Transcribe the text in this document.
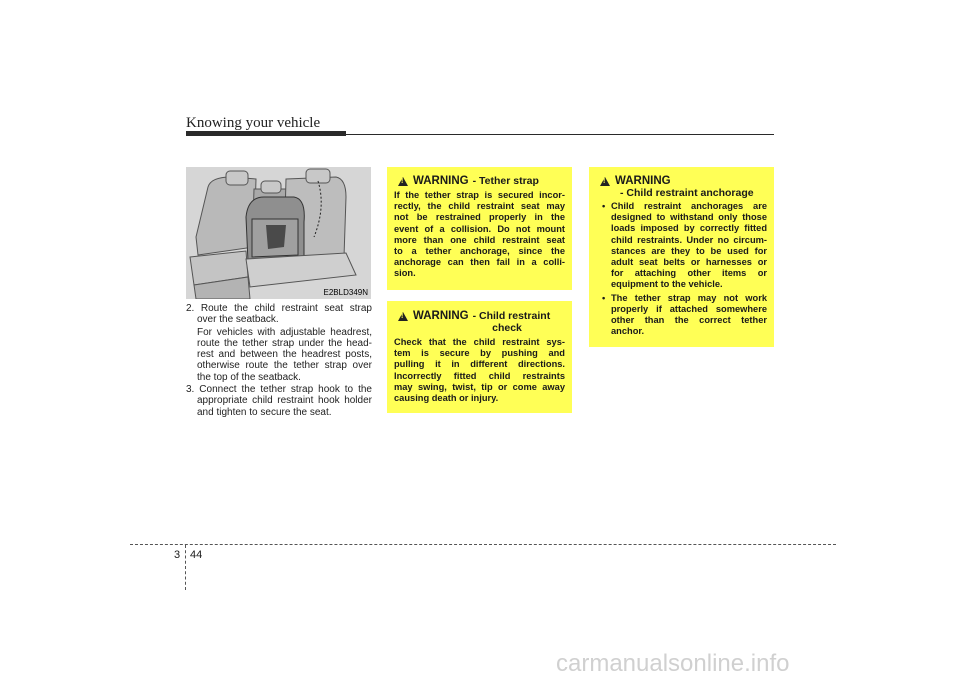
Knowing your vehicle
E2BLD349N
2. Route the child restraint seat strap
over the seatback.
For vehicles with adjustable headrest,
route the tether strap under the head-
rest and between the headrest posts,
otherwise route the tether strap over
the top of the seatback.
3. Connect the tether strap hook to the
appropriate child restraint hook holder
and tighten to secure the seat.
!
WARNING - Tether strap
If the tether strap is secured incor-
rectly, the child restraint seat may
not be restrained properly in the
event of a collision. Do not mount
more than one child restraint seat
to a tether anchorage, since the
anchorage can then fail in a colli-
sion.
!
WARNING - Child restraint
check
Check that the child restraint sys-
tem is secure by pushing and
pulling it in different directions.
Incorrectly fitted child restraints
may swing, twist, tip or come away
causing death or injury.
!
WARNING
- Child restraint anchorage
• Child restraint anchorages are
designed to withstand only those
loads imposed by correctly fitted
child restraints. Under no circum-
stances are they to be used for
adult seat belts or harnesses or
for attaching other items or
equipment to the vehicle.
• The tether strap may not work
properly if attached somewhere
other than the correct tether
anchor.
3 44
carmanualsonline.info
